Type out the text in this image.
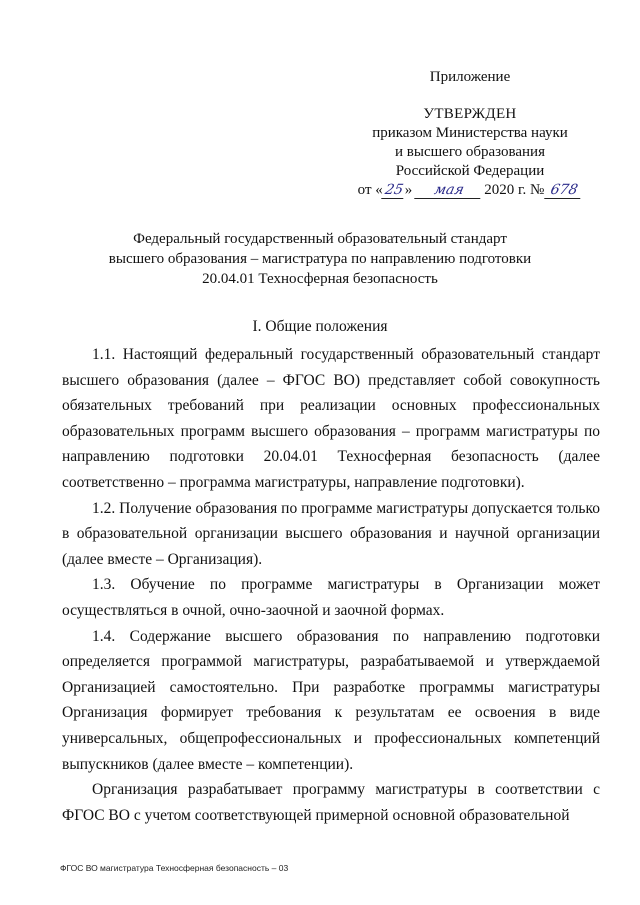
Приложение
УТВЕРЖДЕН
приказом Министерства науки
и высшего образования
Российской Федерации
от «25» мая 2020 г. № 678
Федеральный государственный образовательный стандарт
высшего образования – магистратура по направлению подготовки
20.04.01 Техносферная безопасность
I. Общие положения

1.1. Настоящий федеральный государственный образовательный стандарт высшего образования (далее – ФГОС ВО) представляет собой совокупность обязательных требований при реализации основных профессиональных образовательных программ высшего образования – программ магистратуры по направлению подготовки 20.04.01 Техносферная безопасность (далее соответственно – программа магистратуры, направление подготовки).

1.2. Получение образования по программе магистратуры допускается только в образовательной организации высшего образования и научной организации (далее вместе – Организация).

1.3. Обучение по программе магистратуры в Организации может осуществляться в очной, очно-заочной и заочной формах.

1.4. Содержание высшего образования по направлению подготовки определяется программой магистратуры, разрабатываемой и утверждаемой Организацией самостоятельно. При разработке программы магистратуры Организация формирует требования к результатам ее освоения в виде универсальных, общепрофессиональных и профессиональных компетенций выпускников (далее вместе – компетенции).

Организация разрабатывает программу магистратуры в соответствии с ФГОС ВО с учетом соответствующей примерной основной образовательной

ФГОС ВО магистратура Техносферная безопасность – 03
